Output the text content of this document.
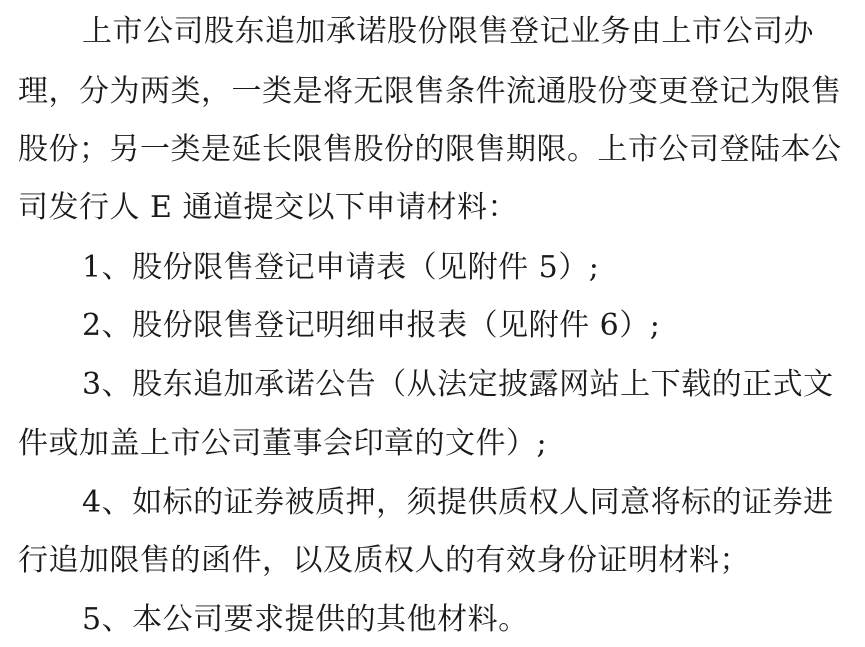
上市公司股东追加承诺股份限售登记业务由上市公司办
理，分为两类，一类是将无限售条件流通股份变更登记为限售
股份；另一类是延长限售股份的限售期限。上市公司登陆本公
司发行人 E 通道提交以下申请材料：
1、股份限售登记申请表（见附件 5）;
2、股份限售登记明细申报表（见附件 6）;
3、股东追加承诺公告（从法定披露网站上下载的正式文
件或加盖上市公司董事会印章的文件）;
4、如标的证券被质押，须提供质权人同意将标的证券进
行追加限售的函件，以及质权人的有效身份证明材料；
5、本公司要求提供的其他材料。
